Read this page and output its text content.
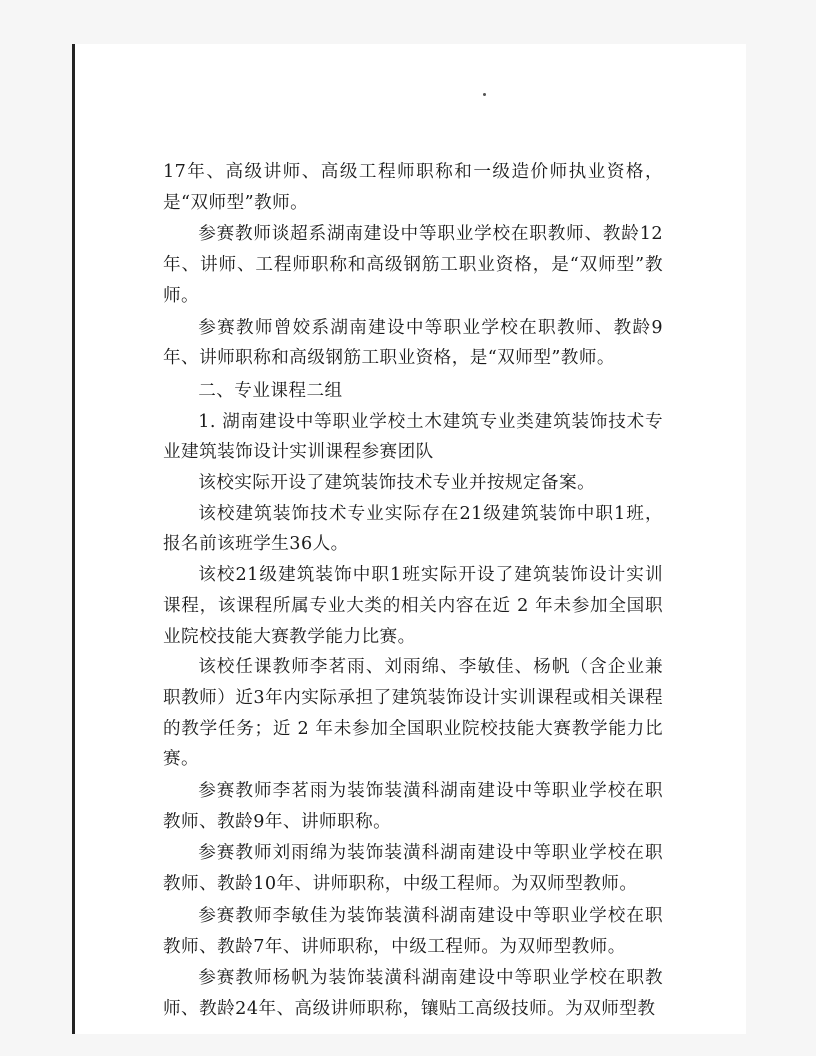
17年、高级讲师、高级工程师职称和一级造价师执业资格，是“双师型”教师。

参赛教师谈超系湖南建设中等职业学校在职教师、教龄12年、讲师、工程师职称和高级钢筋工职业资格，是“双师型”教师。

参赛教师曾姣系湖南建设中等职业学校在职教师、教龄9年、讲师职称和高级钢筋工职业资格，是“双师型”教师。

二、专业课程二组

1. 湖南建设中等职业学校土木建筑专业类建筑装饰技术专业建筑装饰设计实训课程参赛团队

该校实际开设了建筑装饰技术专业并按规定备案。

该校建筑装饰技术专业实际存在21级建筑装饰中职1班，报名前该班学生36人。

该校21级建筑装饰中职1班实际开设了建筑装饰设计实训课程，该课程所属专业大类的相关内容在近 2 年未参加全国职业院校技能大赛教学能力比赛。

该校任课教师李茗雨、刘雨绵、李敏佳、杨帆（含企业兼职教师）近3年内实际承担了建筑装饰设计实训课程或相关课程的教学任务；近 2 年未参加全国职业院校技能大赛教学能力比赛。

参赛教师李茗雨为装饰装潢科湖南建设中等职业学校在职教师、教龄9年、讲师职称。

参赛教师刘雨绵为装饰装潢科湖南建设中等职业学校在职教师、教龄10年、讲师职称，中级工程师。为双师型教师。

参赛教师李敏佳为装饰装潢科湖南建设中等职业学校在职教师、教龄7年、讲师职称，中级工程师。为双师型教师。

参赛教师杨帆为装饰装潢科湖南建设中等职业学校在职教师、教龄24年、高级讲师职称，镶贴工高级技师。为双师型教
